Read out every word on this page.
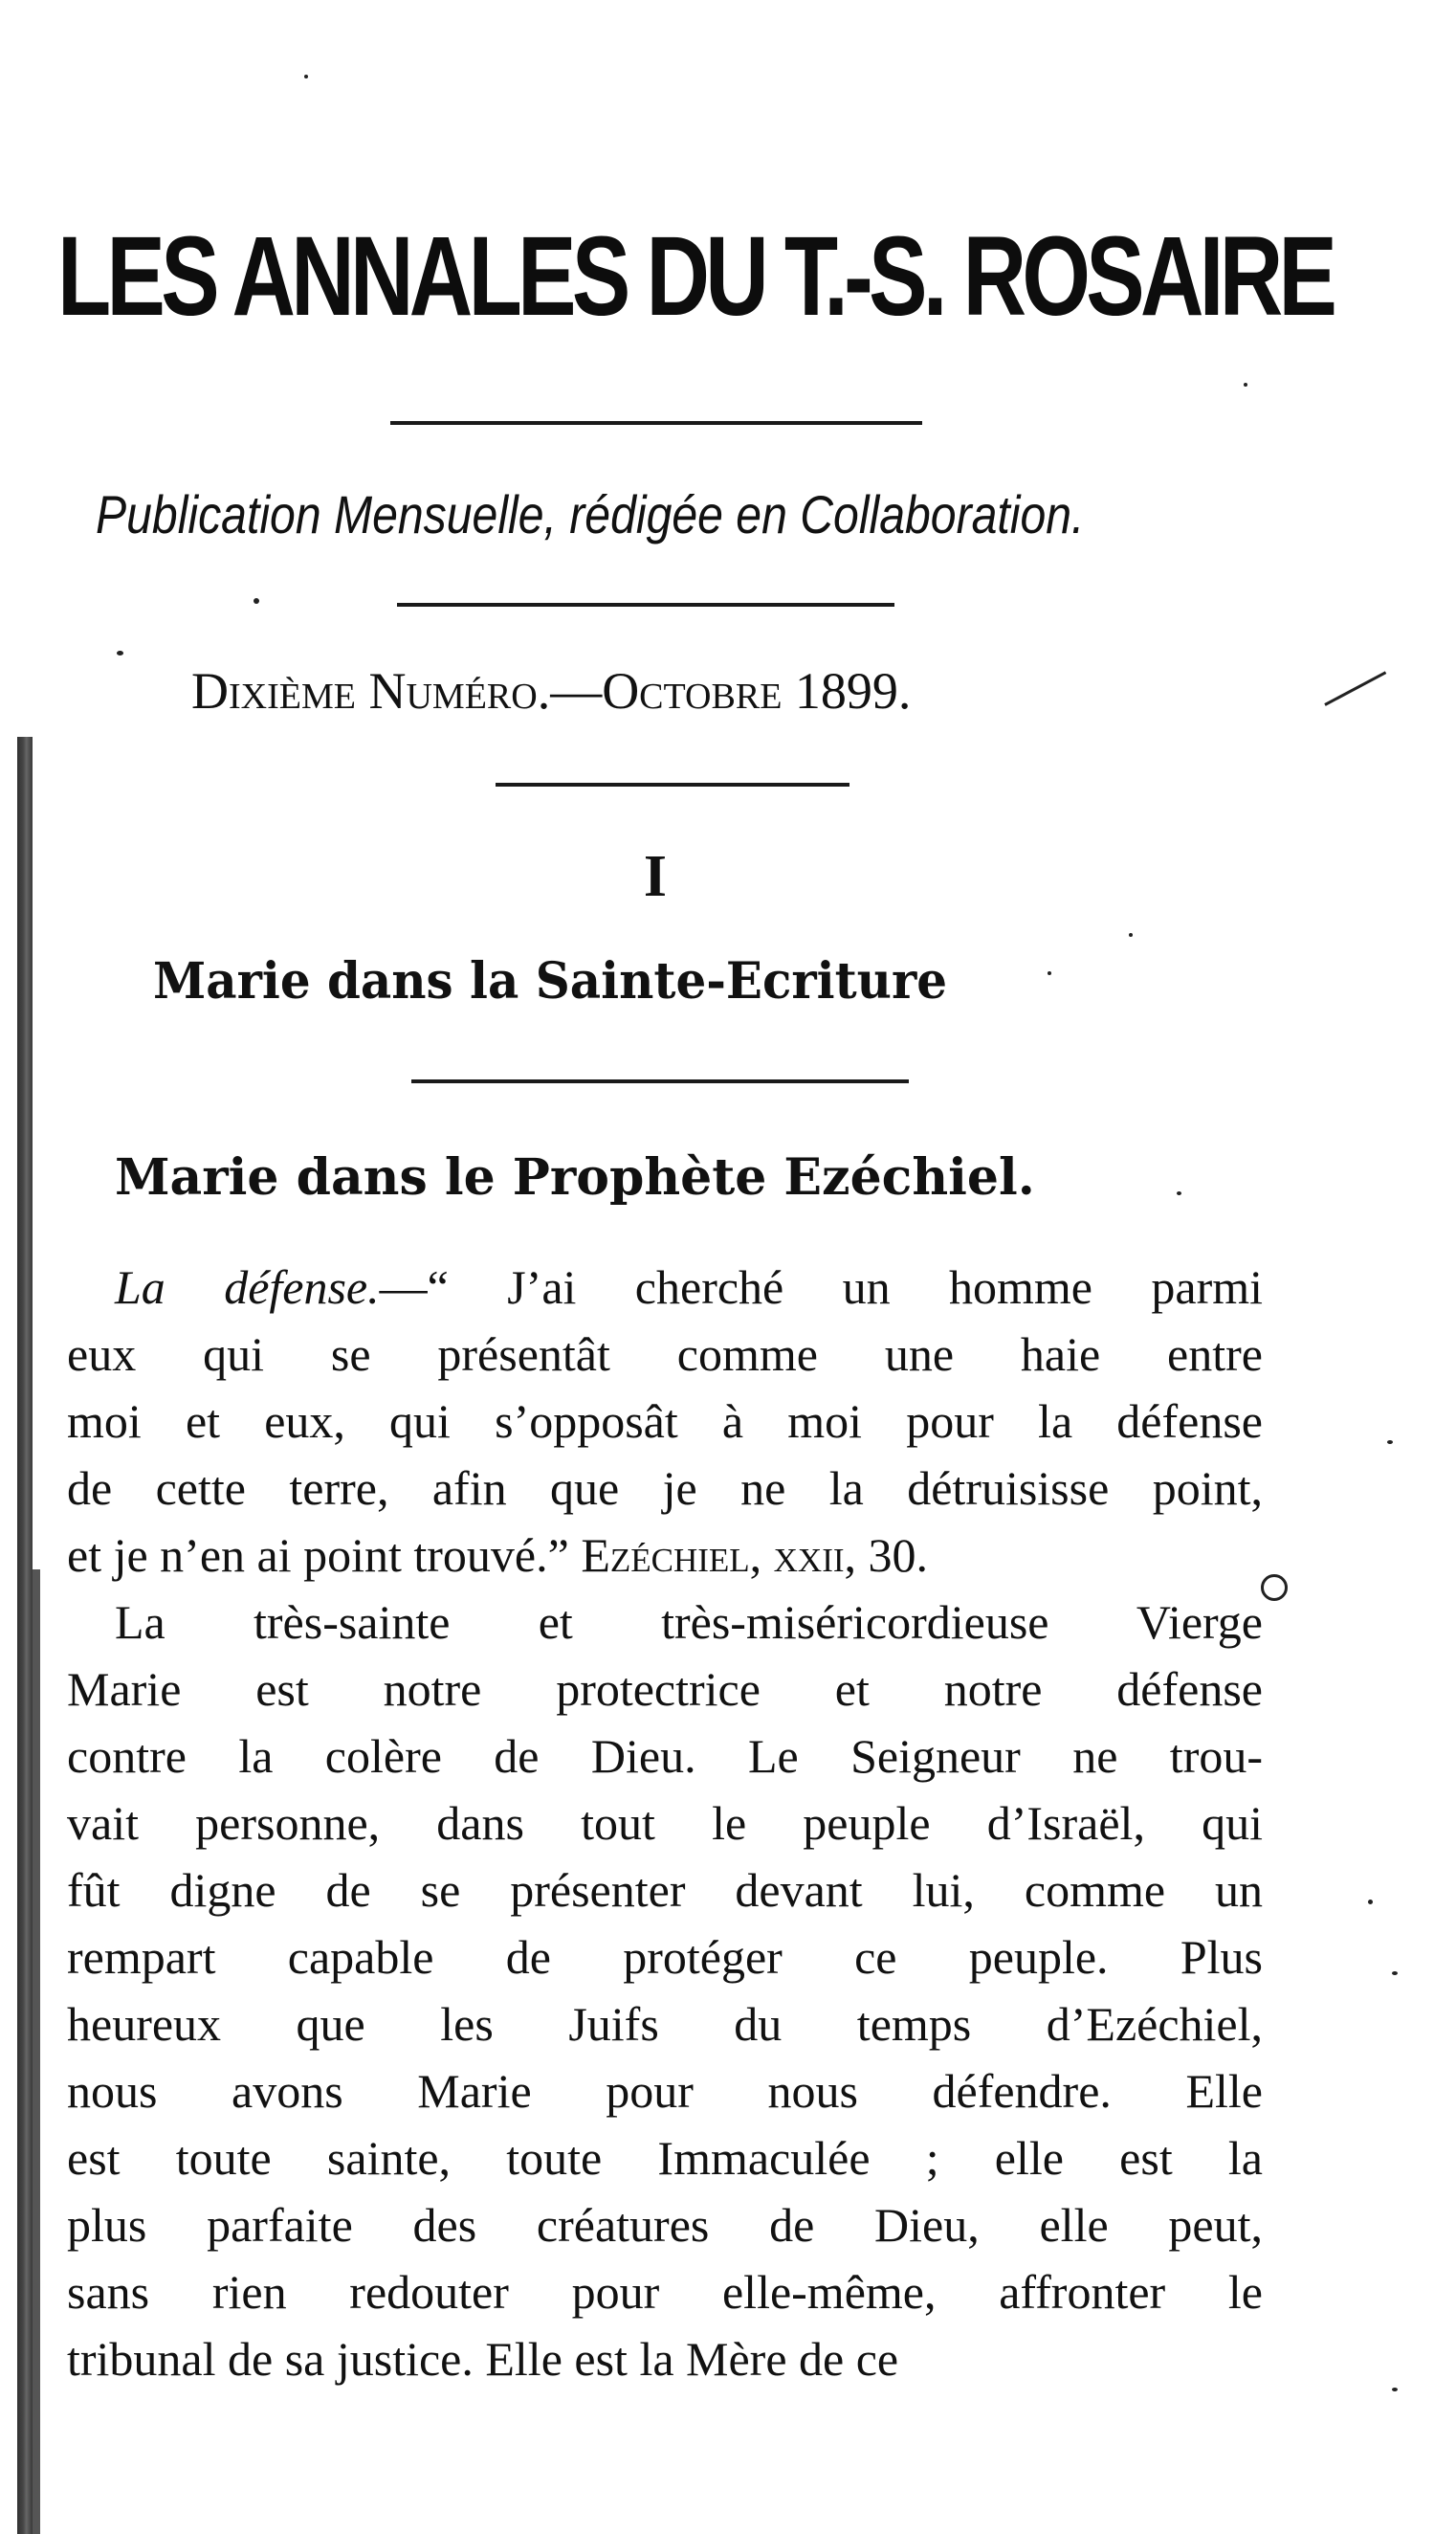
LES ANNALES DU T.-S. ROSAIRE
Publication Mensuelle, rédigée en Collaboration.
Dixième Numéro.—Octobre 1899.
I
Marie dans la Sainte-Ecriture
Marie dans le Prophète Ezéchiel.
La défense.—“ J’ai cherché un homme parmi
eux qui se présentât comme une haie entre
moi et eux, qui s’opposât à moi pour la défense
de cette terre, afin que je ne la détruisisse point,
et je n’en ai point trouvé.” Ezéchiel, xxii, 30.
La très-sainte et très-miséricordieuse Vierge
Marie est notre protectrice et notre défense
contre la colère de Dieu. Le Seigneur ne trou-
vait personne, dans tout le peuple d’Israël, qui
fût digne de se présenter devant lui, comme un
rempart capable de protéger ce peuple. Plus
heureux que les Juifs du temps d’Ezéchiel,
nous avons Marie pour nous défendre. Elle
est toute sainte, toute Immaculée ; elle est la
plus parfaite des créatures de Dieu, elle peut,
sans rien redouter pour elle-même, affronter le
tribunal de sa justice. Elle est la Mère de ce
